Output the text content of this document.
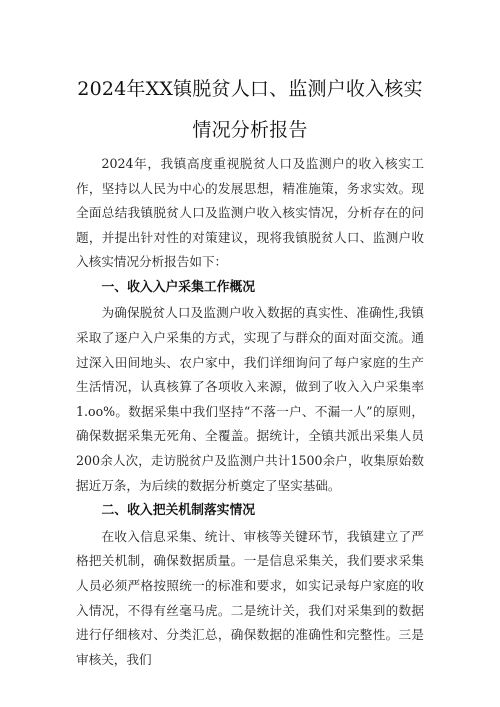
2024年XX镇脱贫人口、监测户收入核实
情况分析报告

2024年，我镇高度重视脱贫人口及监测户的收入核实工作，坚持以人民为中心的发展思想，精准施策，务求实效。现全面总结我镇脱贫人口及监测户收入核实情况，分析存在的问题，并提出针对性的对策建议，现将我镇脱贫人口、监测户收入核实情况分析报告如下：

一、收入入户采集工作概况

为确保脱贫人口及监测户收入数据的真实性、准确性,我镇采取了逐户入户采集的方式，实现了与群众的面对面交流。通过深入田间地头、农户家中，我们详细询问了每户家庭的生产生活情况，认真核算了各项收入来源，做到了收入入户采集率1.oo%。数据采集中我们坚持“不落一户、不漏一人”的原则，确保数据采集无死角、全覆盖。据统计，全镇共派出采集人员200余人次，走访脱贫户及监测户共计1500余户，收集原始数据近万条，为后续的数据分析奠定了坚实基础。

二、收入把关机制落实情况

在收入信息采集、统计、审核等关键环节，我镇建立了严格把关机制，确保数据质量。一是信息采集关，我们要求采集人员必须严格按照统一的标准和要求，如实记录每户家庭的收入情况，不得有丝毫马虎。二是统计关，我们对采集到的数据进行仔细核对、分类汇总，确保数据的准确性和完整性。三是审核关，我们
